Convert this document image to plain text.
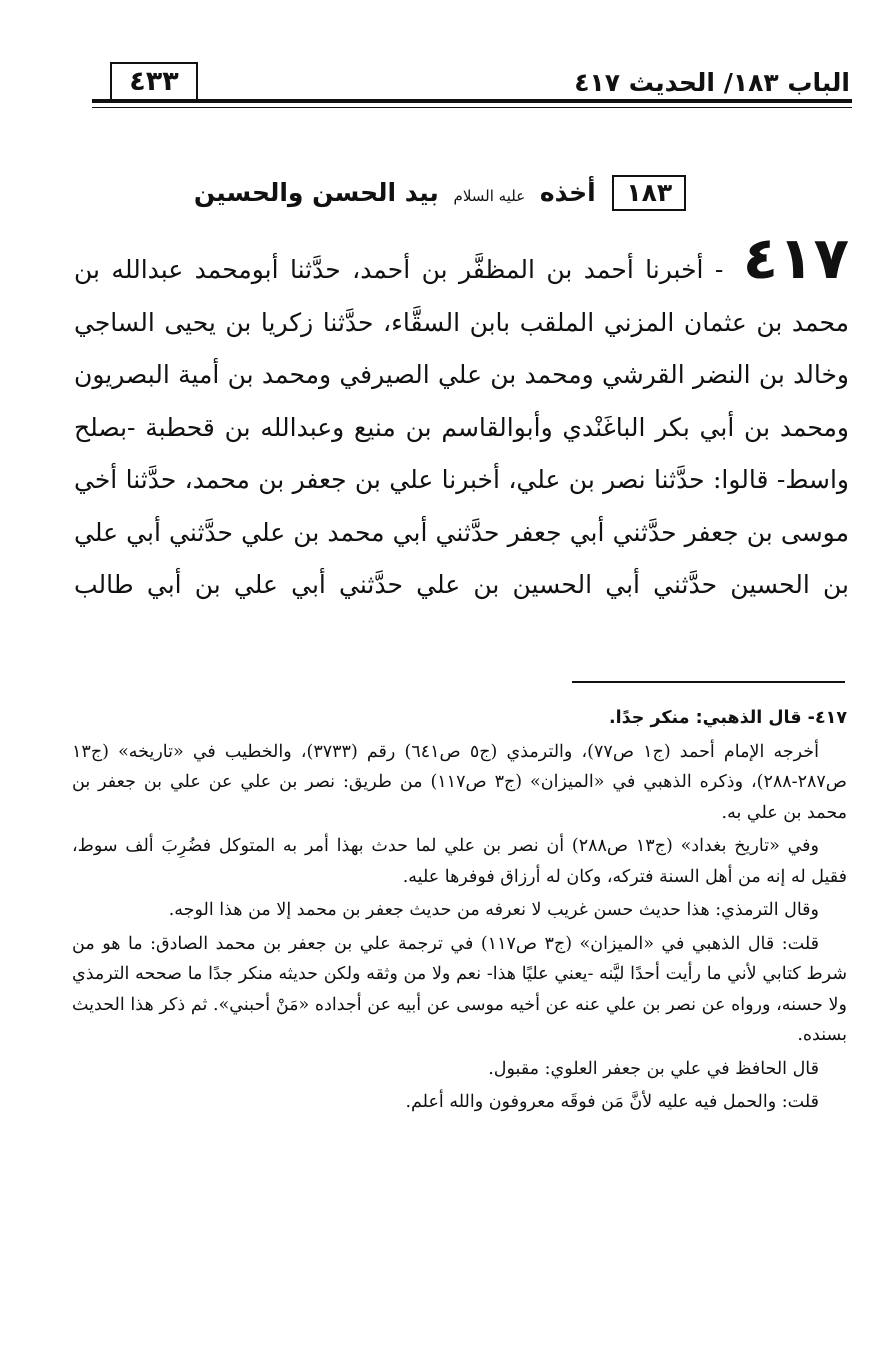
٤٣٣	الباب ١٨٣/ الحديث ٤١٧
١٨٣ أخذه عليه السلام بيد الحسن والحسين

٤١٧ - أخبرنا أحمد بن المظفَّر بن أحمد، حدَّثنا أبومحمد عبدالله بن محمد بن عثمان المزني الملقب بابن السقَّاء، حدَّثنا زكريا بن يحيى الساجي وخالد بن النضر القرشي ومحمد بن علي الصيرفي ومحمد بن أمية البصريون ومحمد بن أبي بكر الباغَنْدي وأبوالقاسم بن منيع وعبدالله بن قحطبة -بصلح واسط- قالوا: حدَّثنا نصر بن علي، أخبرنا علي بن جعفر بن محمد، حدَّثنا أخي موسى بن جعفر حدَّثني أبي جعفر حدَّثني أبي محمد بن علي حدَّثني أبي علي بن الحسين حدَّثني أبي الحسين بن علي حدَّثني أبي علي بن أبي طالب

٤١٧- قال الذهبي: منكر جدًا.

أخرجه الإمام أحمد (ج١ ص٧٧)، والترمذي (ج٥ ص٦٤١) رقم (٣٧٣٣)، والخطيب في «تاريخه» (ج١٣ ص٢٨٧-٢٨٨)، وذكره الذهبي في «الميزان» (ج٣ ص١١٧) من طريق: نصر بن علي عن علي بن جعفر بن محمد بن علي به.

وفي «تاريخ بغداد» (ج١٣ ص٢٨٨) أن نصر بن علي لما حدث بهذا أمر به المتوكل فضُرِبَ ألف سوط، فقيل له إنه من أهل السنة فتركه، وكان له أرزاق فوفرها عليه.

وقال الترمذي: هذا حديث حسن غريب لا نعرفه من حديث جعفر بن محمد إلا من هذا الوجه.

قلت: قال الذهبي في «الميزان» (ج٣ ص١١٧) في ترجمة علي بن جعفر بن محمد الصادق: ما هو من شرط كتابي لأني ما رأيت أحدًا ليَّنه -يعني عليًا هذا- نعم ولا من وثقه ولكن حديثه منكر جدًا ما صححه الترمذي ولا حسنه، ورواه عن نصر بن علي عنه عن أخيه موسى عن أبيه عن أجداده «مَنْ أحبني». ثم ذكر هذا الحديث بسنده.

قال الحافظ في علي بن جعفر العلوي: مقبول.

قلت: والحمل فيه عليه لأنَّ مَن فوقَه معروفون والله أعلم.
